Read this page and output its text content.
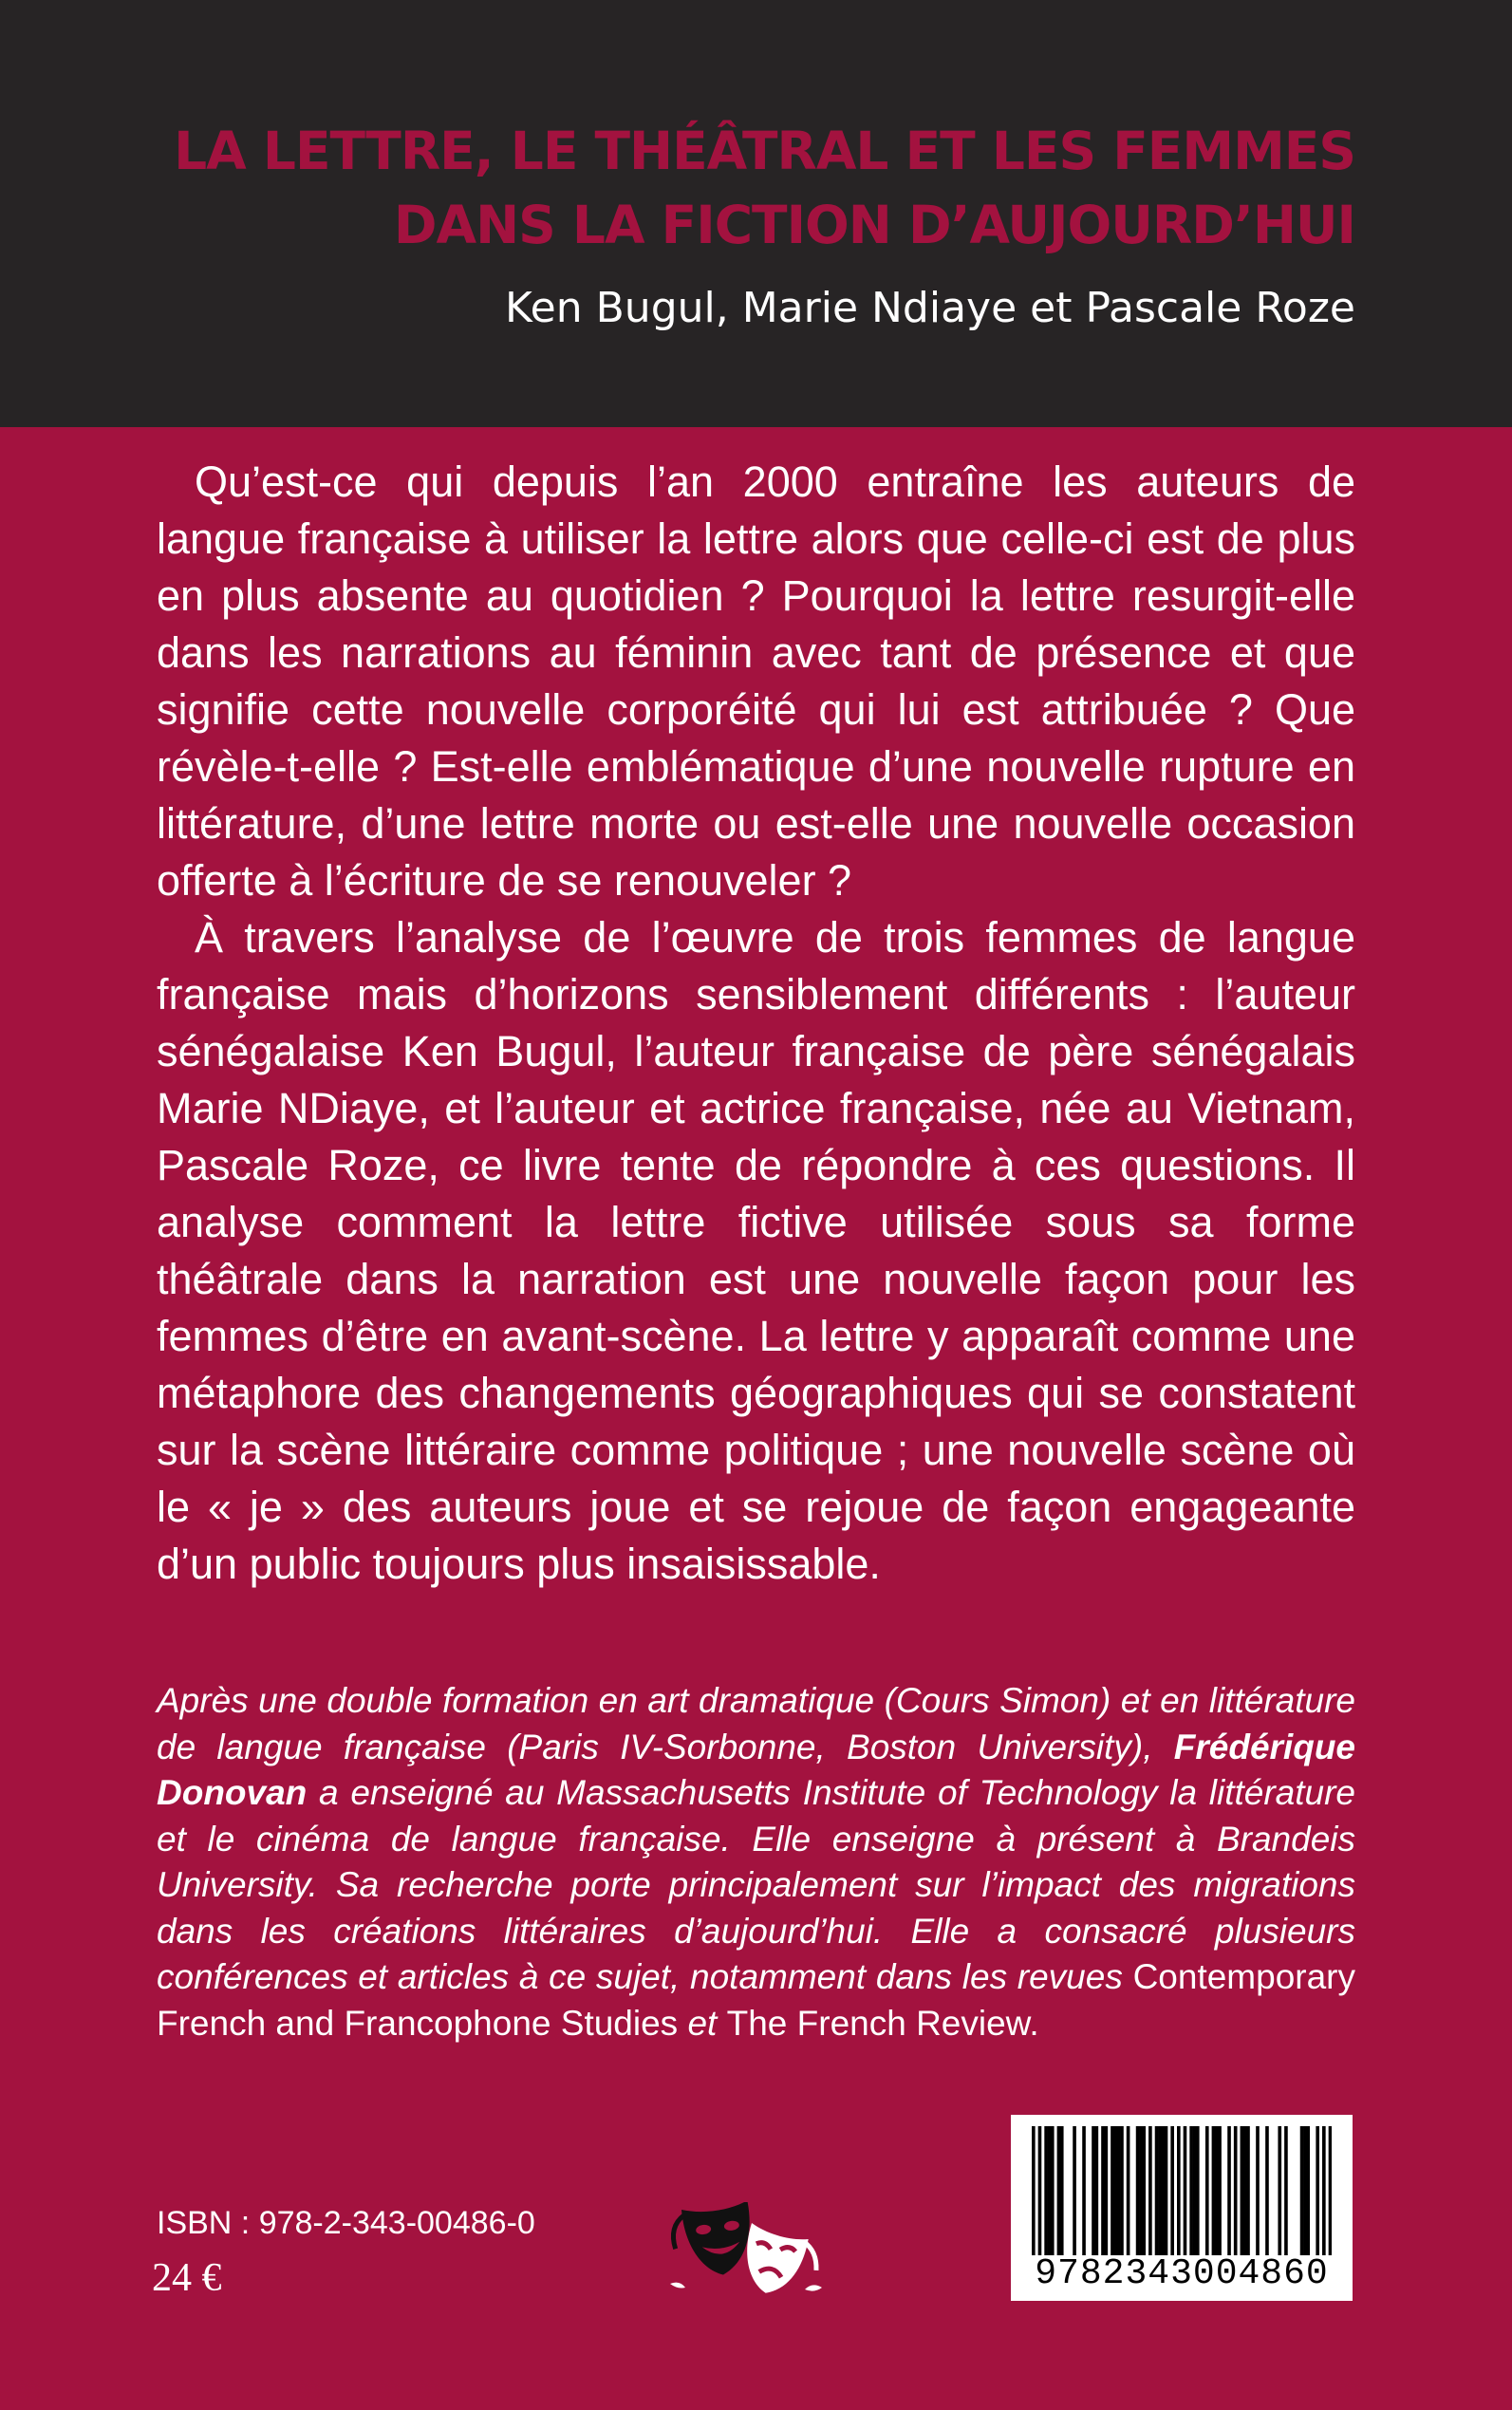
LA LETTRE, LE THÉÂTRAL ET LES FEMMES
DANS LA FICTION D’AUJOURD’HUI
Ken Bugul, Marie Ndiaye et Pascale Roze

Qu’est-ce qui depuis l’an 2000 entraîne les auteurs de langue française à utiliser la lettre alors que celle-ci est de plus en plus absente au quotidien ? Pourquoi la lettre resurgit-elle dans les narrations au féminin avec tant de présence et que signifie cette nouvelle corporéité qui lui est attribuée ? Que révèle-t-elle ? Est-elle emblématique d’une nouvelle rupture en littérature, d’une lettre morte ou est-elle une nouvelle occasion offerte à l’écriture de se renouveler ?

À travers l’analyse de l’œuvre de trois femmes de langue française mais d’horizons sensiblement différents : l’auteur sénégalaise Ken Bugul, l’auteur française de père sénégalais Marie NDiaye, et l’auteur et actrice française, née au Vietnam, Pascale Roze, ce livre tente de répondre à ces questions. Il analyse comment la lettre fictive utilisée sous sa forme théâtrale dans la narration est une nouvelle façon pour les femmes d’être en avant-scène. La lettre y apparaît comme une métaphore des changements géographiques qui se constatent sur la scène littéraire comme politique ; une nouvelle scène où le « je » des auteurs joue et se rejoue de façon engageante d’un public toujours plus insaisissable.

Après une double formation en art dramatique (Cours Simon) et en littérature de langue française (Paris IV-Sorbonne, Boston University), Frédérique Donovan a enseigné au Massachusetts Institute of Technology la littérature et le cinéma de langue française. Elle enseigne à présent à Brandeis University. Sa recherche porte principalement sur l’impact des migrations dans les créations littéraires d’aujourd’hui. Elle a consacré plusieurs conférences et articles à ce sujet, notamment dans les revues Contemporary French and Francophone Studies et The French Review.

ISBN : 978-2-343-00486-0
24 €	9782343004860
